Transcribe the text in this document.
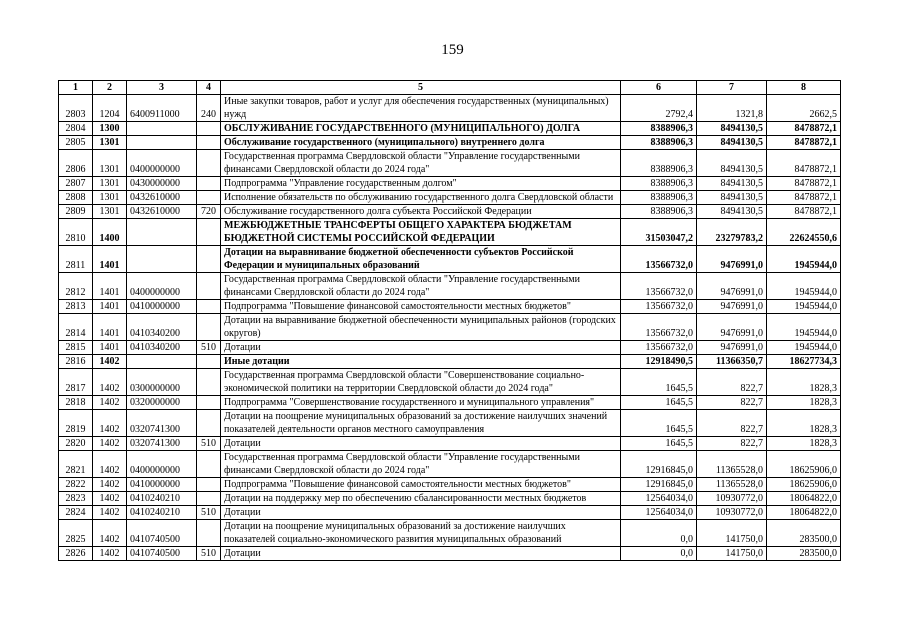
159
1	2	3	4	5	6	7	8
2803	1204	6400911000	240	Иные закупки товаров, работ и услуг для обеспечения государственных (муниципальных) нужд	2792,4	1321,8	2662,5
2804	1300			ОБСЛУЖИВАНИЕ ГОСУДАРСТВЕННОГО (МУНИЦИПАЛЬНОГО) ДОЛГА	8388906,3	8494130,5	8478872,1
2805	1301			Обслуживание государственного (муниципального) внутреннего долга	8388906,3	8494130,5	8478872,1
2806	1301	0400000000		Государственная программа Свердловской области "Управление государственными финансами Свердловской области до 2024 года"	8388906,3	8494130,5	8478872,1
2807	1301	0430000000		Подпрограмма "Управление государственным долгом"	8388906,3	8494130,5	8478872,1
2808	1301	0432610000		Исполнение обязательств по обслуживанию государственного долга Свердловской области	8388906,3	8494130,5	8478872,1
2809	1301	0432610000	720	Обслуживание государственного долга субъекта Российской Федерации	8388906,3	8494130,5	8478872,1
2810	1400			МЕЖБЮДЖЕТНЫЕ ТРАНСФЕРТЫ ОБЩЕГО ХАРАКТЕРА БЮДЖЕТАМ БЮДЖЕТНОЙ СИСТЕМЫ РОССИЙСКОЙ ФЕДЕРАЦИИ	31503047,2	23279783,2	22624550,6
2811	1401			Дотации на выравнивание бюджетной обеспеченности субъектов Российской Федерации и муниципальных образований	13566732,0	9476991,0	1945944,0
2812	1401	0400000000		Государственная программа Свердловской области "Управление государственными финансами Свердловской области до 2024 года"	13566732,0	9476991,0	1945944,0
2813	1401	0410000000		Подпрограмма "Повышение финансовой самостоятельности местных бюджетов"	13566732,0	9476991,0	1945944,0
2814	1401	0410340200		Дотации на выравнивание бюджетной обеспеченности муниципальных районов (городских округов)	13566732,0	9476991,0	1945944,0
2815	1401	0410340200	510	Дотации	13566732,0	9476991,0	1945944,0
2816	1402			Иные дотации	12918490,5	11366350,7	18627734,3
2817	1402	0300000000		Государственная программа Свердловской области "Совершенствование социально-экономической политики на территории Свердловской области до 2024 года"	1645,5	822,7	1828,3
2818	1402	0320000000		Подпрограмма "Совершенствование государственного и муниципального управления"	1645,5	822,7	1828,3
2819	1402	0320741300		Дотации на поощрение муниципальных образований за достижение наилучших значений показателей деятельности органов местного самоуправления	1645,5	822,7	1828,3
2820	1402	0320741300	510	Дотации	1645,5	822,7	1828,3
2821	1402	0400000000		Государственная программа Свердловской области "Управление государственными финансами Свердловской области до 2024 года"	12916845,0	11365528,0	18625906,0
2822	1402	0410000000		Подпрограмма "Повышение финансовой самостоятельности местных бюджетов"	12916845,0	11365528,0	18625906,0
2823	1402	0410240210		Дотации на поддержку мер по обеспечению сбалансированности местных бюджетов	12564034,0	10930772,0	18064822,0
2824	1402	0410240210	510	Дотации	12564034,0	10930772,0	18064822,0
2825	1402	0410740500		Дотации на поощрение муниципальных образований за достижение наилучших показателей социально-экономического развития муниципальных образований	0,0	141750,0	283500,0
2826	1402	0410740500	510	Дотации	0,0	141750,0	283500,0
